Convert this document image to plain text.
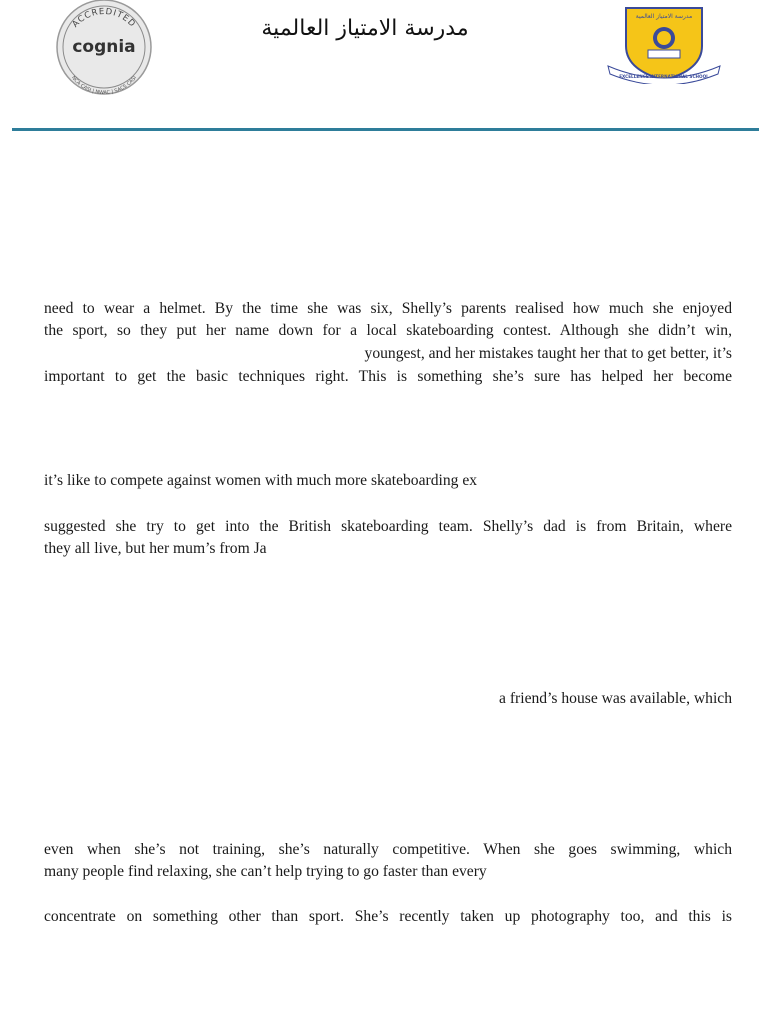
ACCREDITED
cognia
NCA CASI | NWAC | SACS CASI
مدرسة الامتياز العالمية	مدرسة الامتياز العالمية
EXCELLENCE INTERNATIONAL SCHOOL
need to wear a helmet. By the time she was six, Shelly’s parents realised how much she enjoyed
the sport, so they put her name down for a local skateboarding contest. Although she didn’t win,
youngest, and her mistakes taught her that to get better, it’s
important to get the basic techniques right. This is something she’s sure has helped her become
it’s like to compete against women with much more skateboarding ex
suggested she try to get into the British skateboarding team. Shelly’s dad is from Britain, where
they all live, but her mum’s from Ja
a friend’s house was available, which
even when she’s not training, she’s naturally competitive. When she goes swimming, which
many people find relaxing, she can’t help trying to go faster than every
concentrate on something other than sport. She’s recently taken up photography too, and this is
